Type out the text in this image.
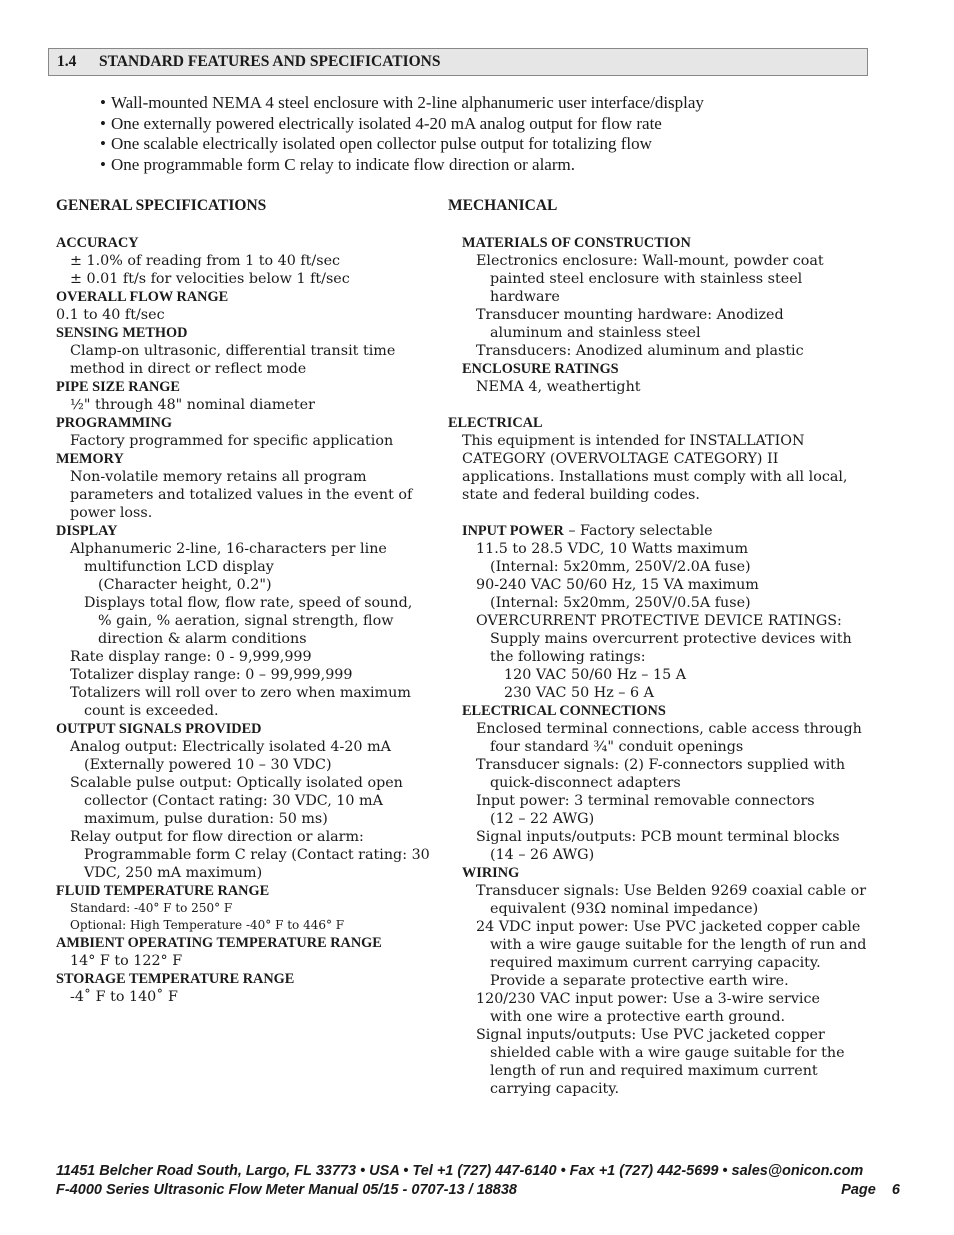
1.4 STANDARD FEATURES AND SPECIFICATIONS
• Wall-mounted NEMA 4 steel enclosure with 2-line alphanumeric user interface/display
• One externally powered electrically isolated 4-20 mA analog output for flow rate
• One scalable electrically isolated open collector pulse output for totalizing flow
• One programmable form C relay to indicate flow direction or alarm.
GENERAL SPECIFICATIONS
ACCURACY
± 1.0% of reading from 1 to 40 ft/sec
± 0.01 ft/s for velocities below 1 ft/sec
OVERALL FLOW RANGE
0.1 to 40 ft/sec
SENSING METHOD
Clamp-on ultrasonic, differential transit time
method in direct or reflect mode
PIPE SIZE RANGE
½" through 48" nominal diameter
PROGRAMMING
Factory programmed for specific application
MEMORY
Non-volatile memory retains all program
parameters and totalized values in the event of
power loss.
DISPLAY
Alphanumeric 2-line, 16-characters per line
multifunction LCD display
(Character height, 0.2")
Displays total flow, flow rate, speed of sound,
% gain, % aeration, signal strength, flow
direction & alarm conditions
Rate display range: 0 - 9,999,999
Totalizer display range: 0 – 99,999,999
Totalizers will roll over to zero when maximum
count is exceeded.
OUTPUT SIGNALS PROVIDED
Analog output: Electrically isolated 4-20 mA
(Externally powered 10 – 30 VDC)
Scalable pulse output: Optically isolated open
collector (Contact rating: 30 VDC, 10 mA
maximum, pulse duration: 50 ms)
Relay output for flow direction or alarm:
Programmable form C relay (Contact rating: 30
VDC, 250 mA maximum)
FLUID TEMPERATURE RANGE
Standard: -40° F to 250° F
Optional: High Temperature -40° F to 446° F
AMBIENT OPERATING TEMPERATURE RANGE
14° F to 122° F
STORAGE TEMPERATURE RANGE
-4˚ F to 140˚ F
MECHANICAL
MATERIALS OF CONSTRUCTION
Electronics enclosure: Wall-mount, powder coat
painted steel enclosure with stainless steel
hardware
Transducer mounting hardware: Anodized
aluminum and stainless steel
Transducers: Anodized aluminum and plastic
ENCLOSURE RATINGS
NEMA 4, weathertight
ELECTRICAL
This equipment is intended for INSTALLATION
CATEGORY (OVERVOLTAGE CATEGORY) II
applications. Installations must comply with all local,
state and federal building codes.
INPUT POWER – Factory selectable
11.5 to 28.5 VDC, 10 Watts maximum
(Internal: 5x20mm, 250V/2.0A fuse)
90-240 VAC 50/60 Hz, 15 VA maximum
(Internal: 5x20mm, 250V/0.5A fuse)
OVERCURRENT PROTECTIVE DEVICE RATINGS:
Supply mains overcurrent protective devices with
the following ratings:
120 VAC 50/60 Hz – 15 A
230 VAC 50 Hz – 6 A
ELECTRICAL CONNECTIONS
Enclosed terminal connections, cable access through
four standard ¾" conduit openings
Transducer signals: (2) F-connectors supplied with
quick-disconnect adapters
Input power: 3 terminal removable connectors
(12 – 22 AWG)
Signal inputs/outputs: PCB mount terminal blocks
(14 – 26 AWG)
WIRING
Transducer signals: Use Belden 9269 coaxial cable or
equivalent (93Ω nominal impedance)
24 VDC input power: Use PVC jacketed copper cable
with a wire gauge suitable for the length of run and
required maximum current carrying capacity.
Provide a separate protective earth wire.
120/230 VAC input power: Use a 3-wire service
with one wire a protective earth ground.
Signal inputs/outputs: Use PVC jacketed copper
shielded cable with a wire gauge suitable for the
length of run and required maximum current
carrying capacity.
11451 Belcher Road South, Largo, FL 33773 • USA • Tel +1 (727) 447-6140 • Fax +1 (727) 442-5699 • sales@onicon.com
F-4000 Series Ultrasonic Flow Meter Manual 05/15 - 0707-13 / 18838	Page    6
